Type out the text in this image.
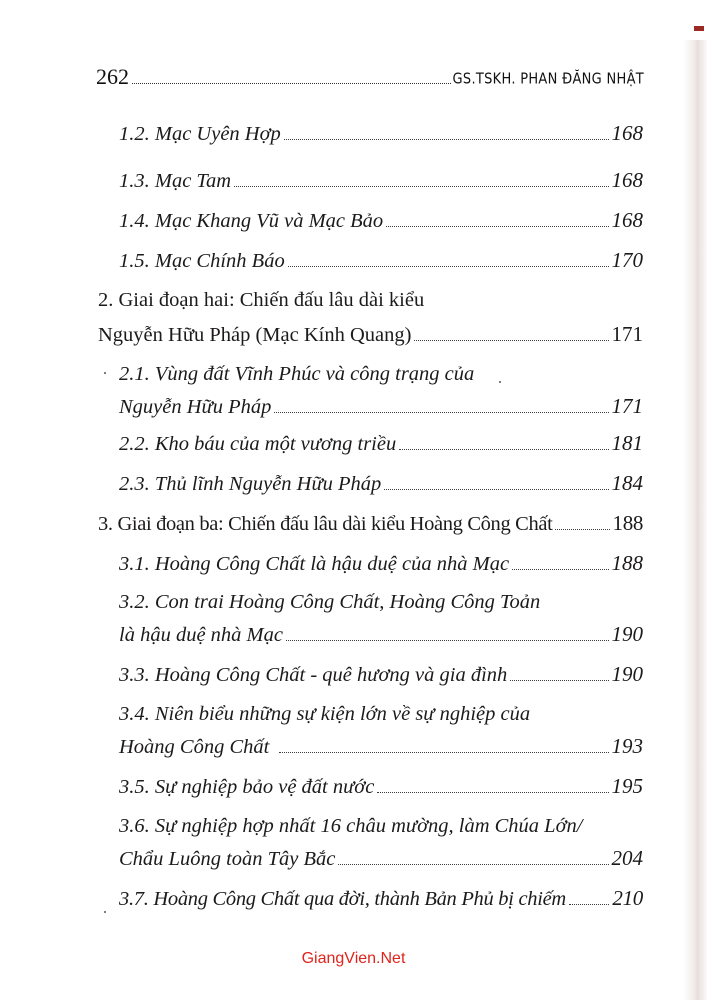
262	GS.TSKH. PHAN ĐĂNG NHẬT
1.2. Mạc Uyên Hợp	168
1.3. Mạc Tam	168
1.4. Mạc Khang Vũ và Mạc Bảo	168
1.5. Mạc Chính Báo	170
2. Giai đoạn hai: Chiến đấu lâu dài kiểu
Nguyễn Hữu Pháp (Mạc Kính Quang)	171
2.1. Vùng đất Vĩnh Phúc và công trạng của
Nguyễn Hữu Pháp	171
2.2. Kho báu của một vương triều	181
2.3. Thủ lĩnh Nguyễn Hữu Pháp	184
3. Giai đoạn ba: Chiến đấu lâu dài kiểu Hoàng Công Chất	188
3.1. Hoàng Công Chất là hậu duệ của nhà Mạc	188
3.2. Con trai Hoàng Công Chất, Hoàng Công Toản
là hậu duệ nhà Mạc	190
3.3. Hoàng Công Chất - quê hương và gia đình	190
3.4. Niên biểu những sự kiện lớn về sự nghiệp của
Hoàng Công Chất	193
3.5. Sự nghiệp bảo vệ đất nước	195
3.6. Sự nghiệp hợp nhất 16 châu mường, làm Chúa Lớn/
Chẩu Luông toàn Tây Bắc	204
3.7. Hoàng Công Chất qua đời, thành Bản Phủ bị chiếm 210
GiangVien.Net
